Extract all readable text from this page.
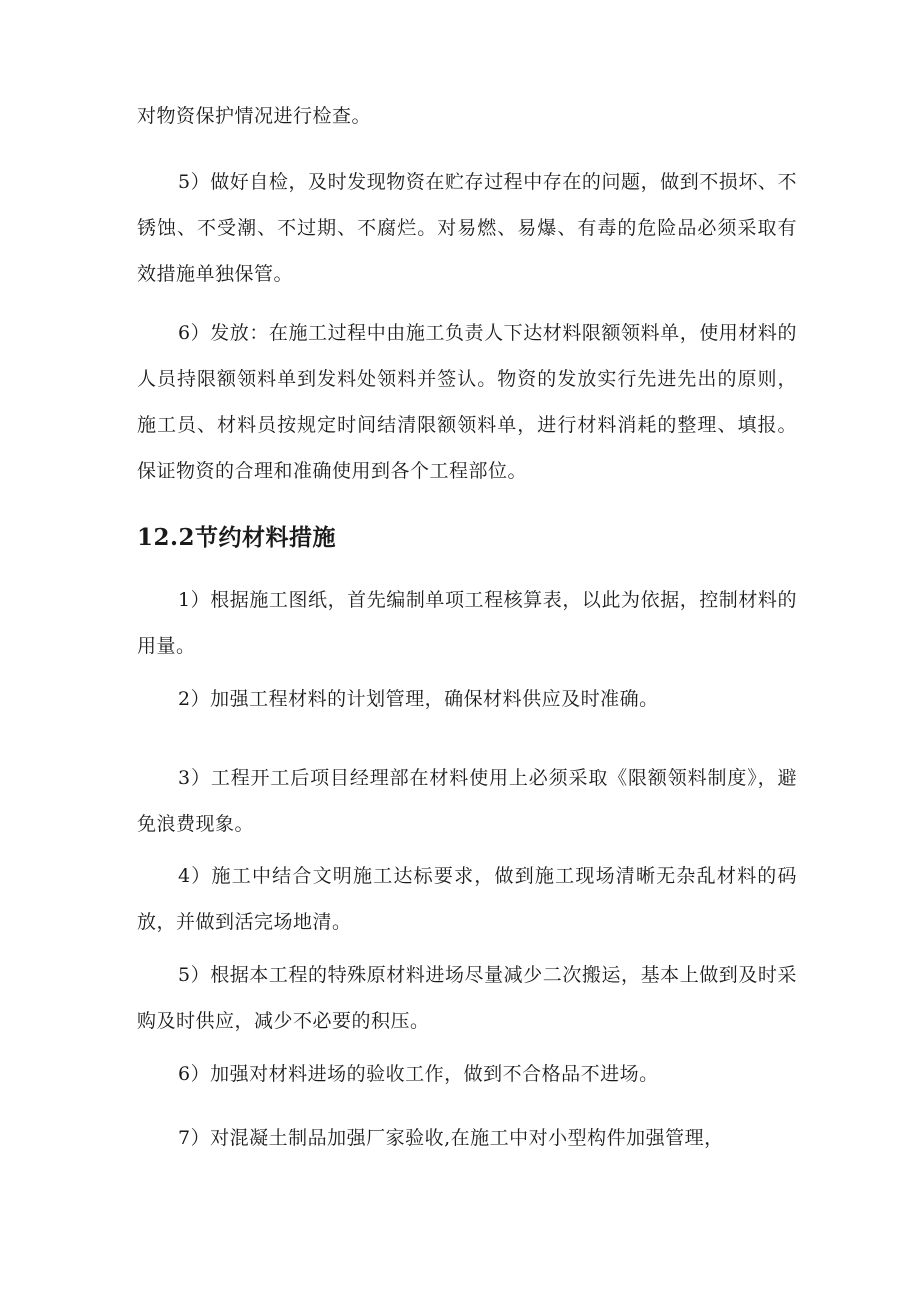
对物资保护情况进行检查。

5）做好自检，及时发现物资在贮存过程中存在的问题，做到不损坏、不锈蚀、不受潮、不过期、不腐烂。对易燃、易爆、有毒的危险品必须采取有效措施单独保管。

6）发放：在施工过程中由施工负责人下达材料限额领料单，使用材料的人员持限额领料单到发料处领料并签认。物资的发放实行先进先出的原则，施工员、材料员按规定时间结清限额领料单，进行材料消耗的整理、填报。保证物资的合理和准确使用到各个工程部位。

12.2节约材料措施

1）根据施工图纸，首先编制单项工程核算表，以此为依据，控制材料的用量。

2）加强工程材料的计划管理，确保材料供应及时准确。

3）工程开工后项目经理部在材料使用上必须采取《限额领料制度》，避免浪费现象。

4）施工中结合文明施工达标要求，做到施工现场清晰无杂乱材料的码放，并做到活完场地清。

5）根据本工程的特殊原材料进场尽量减少二次搬运，基本上做到及时采购及时供应，减少不必要的积压。

6）加强对材料进场的验收工作，做到不合格品不进场。

7）对混凝土制品加强厂家验收,在施工中对小型构件加强管理，
